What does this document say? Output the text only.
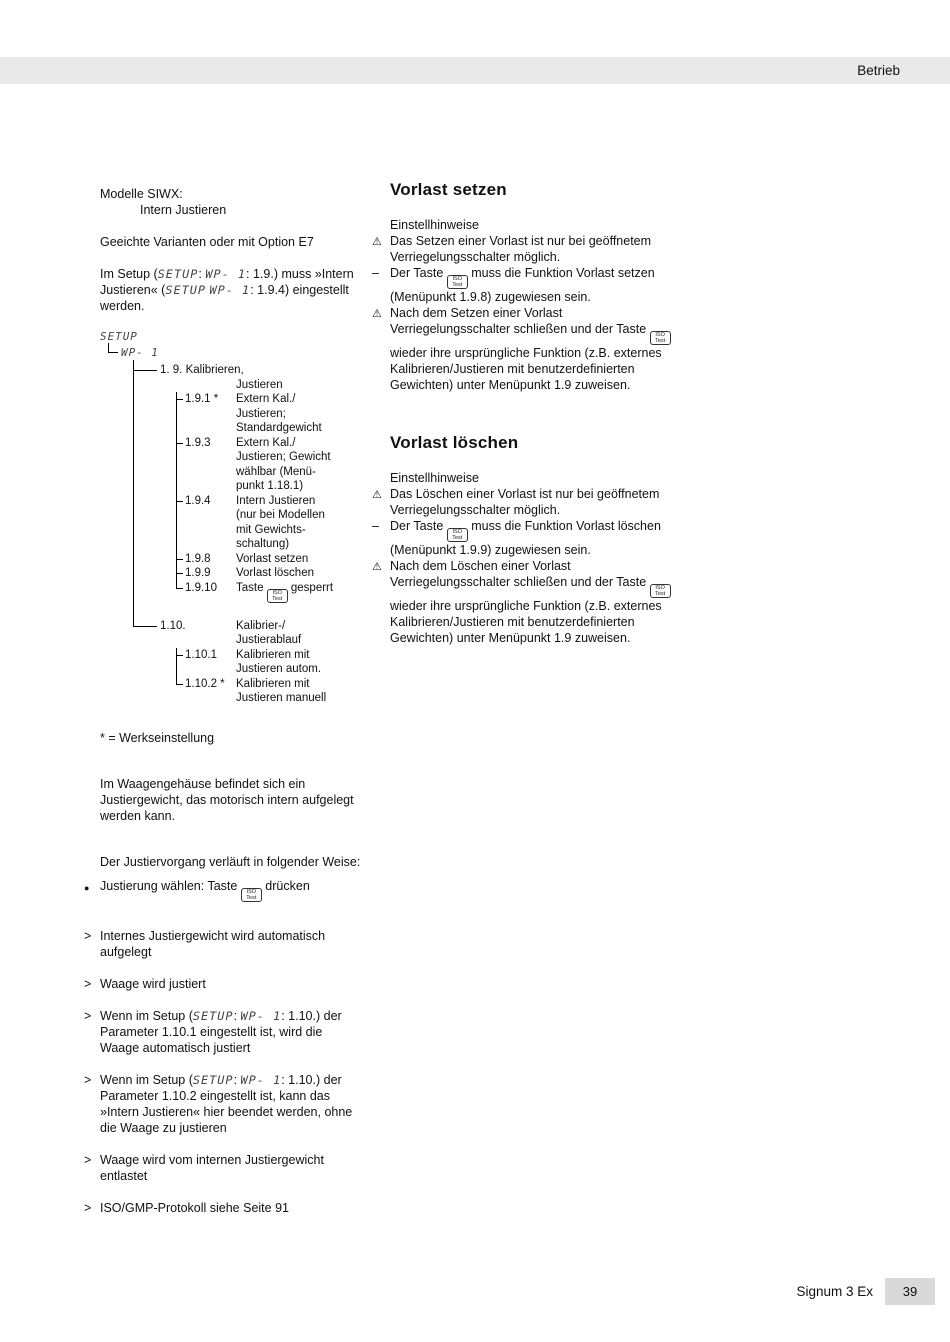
Betrieb
Modelle SIWX:
Intern Justieren

Geeichte Varianten oder mit Option E7

Im Setup (SETUP: WP- 1: 1.9.) muss »Intern Justieren« (SETUP WP- 1: 1.9.4) eingestellt werden.

SETUP
WP- 1
1. 9. Kalibrieren,
Justieren
1.9.1 *	Extern Kal./
Justieren;
Standardgewicht
1.9.3	Extern Kal./
Justieren; Gewicht
wählbar (Menü-
punkt 1.18.1)
1.9.4	Intern Justieren
(nur bei Modellen
mit Gewichts-
schaltung)
1.9.8	Vorlast setzen
1.9.9	Vorlast löschen
1.9.10	Taste ISO
Test
gesperrt
1.10.	Kalibrier-/
Justierablauf
1.10.1	Kalibrieren mit
Justieren autom.
1.10.2 * Kalibrieren mit
Justieren manuell

* = Werkseinstellung

Im Waagengehäuse befindet sich ein Justiergewicht, das motorisch intern aufgelegt werden kann.

Der Justiervorgang verläuft in folgender Weise:

● Justierung wählen: Taste ISO
Test
drücken
> Internes Justiergewicht wird automatisch aufgelegt
> Waage wird justiert
> Wenn im Setup (SETUP: WP- 1: 1.10.) der Parameter 1.10.1 eingestellt ist, wird die Waage automatisch justiert
> Wenn im Setup (SETUP: WP- 1: 1.10.) der Parameter 1.10.2 eingestellt ist, kann das »Intern Justieren« hier beendet werden, ohne die Waage zu justieren
> Waage wird vom internen Justiergewicht entlastet
> ISO/GMP-Protokoll siehe Seite 91
Vorlast setzen
Einstellhinweise
⚠ Das Setzen einer Vorlast ist nur bei geöffnetem Verriegelungsschalter möglich.
– Der Taste ISO
Test
muss die Funktion Vorlast setzen (Menüpunkt 1.9.8) zugewiesen sein.
⚠ Nach dem Setzen einer Vorlast Verriegelungsschalter schließen und der Taste ISO
Test
wieder ihre ursprüngliche Funktion (z.B. externes Kalibrieren/Justieren mit benutzerdefinierten Gewichten) unter Menüpunkt 1.9 zuweisen.
Vorlast löschen
Einstellhinweise
⚠ Das Löschen einer Vorlast ist nur bei geöffnetem Verriegelungsschalter möglich.
– Der Taste ISO
Test
muss die Funktion Vorlast löschen (Menüpunkt 1.9.9) zugewiesen sein.
⚠ Nach dem Löschen einer Vorlast Verriegelungsschalter schließen und der Taste ISO
Test
wieder ihre ursprüngliche Funktion (z.B. externes Kalibrieren/Justieren mit benutzerdefinierten Gewichten) unter Menüpunkt 1.9 zuweisen.
Signum 3 Ex	39
